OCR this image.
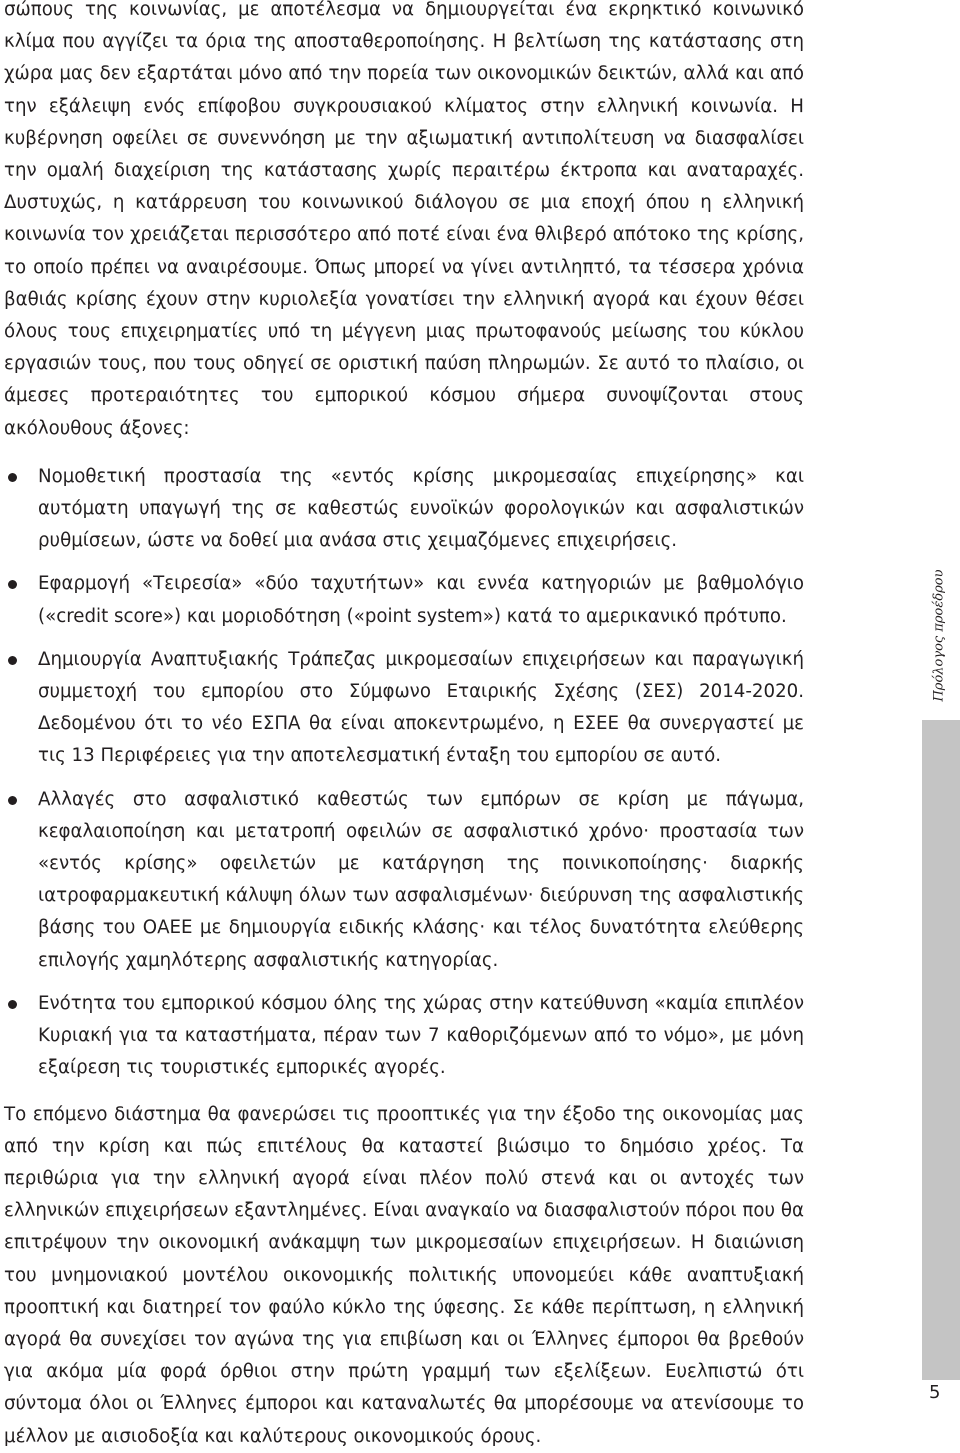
σώπους της κοινωνίας, με αποτέλεσμα να δημιουργείται ένα εκρηκτικό κοινωνικό κλίμα που αγγίζει τα όρια της αποσταθεροποίησης. Η βελτίωση της κατάστασης στη χώρα μας δεν εξαρτάται μόνο από την πορεία των οικονομικών δεικτών, αλλά και από την εξάλειψη ενός επίφοβου συγκρουσιακού κλίματος στην ελληνική κοινωνία. Η κυβέρνηση οφείλει σε συνεννόηση με την αξιωματική αντιπολίτευση να διασφαλίσει την ομαλή διαχείριση της κατάστασης χωρίς περαιτέρω έκτροπα και αναταραχές. Δυστυχώς, η κατάρρευση του κοινωνικού διάλογου σε μια εποχή όπου η ελληνική κοινωνία τον χρειάζεται περισσότερο από ποτέ είναι ένα θλιβερό απότοκο της κρίσης, το οποίο πρέπει να αναιρέσουμε. Όπως μπορεί να γίνει αντιληπτό, τα τέσσερα χρόνια βαθιάς κρίσης έχουν στην κυριολεξία γονατίσει την ελληνική αγορά και έχουν θέσει όλους τους επιχειρηματίες υπό τη μέγγενη μιας πρωτοφανούς μείωσης του κύκλου εργασιών τους, που τους οδηγεί σε οριστική παύση πληρωμών. Σε αυτό το πλαίσιο, οι άμεσες προτεραιότητες του εμπορικού κόσμου σήμερα συνοψίζονται στους ακόλουθους άξονες:

Νομοθετική προστασία της «εντός κρίσης μικρομεσαίας επιχείρησης» και αυτόματη υπαγωγή της σε καθεστώς ευνοϊκών φορολογικών και ασφαλιστικών ρυθμίσεων, ώστε να δοθεί μια ανάσα στις χειμαζόμενες επιχειρήσεις.
Εφαρμογή «Τειρεσία» «δύο ταχυτήτων» και εννέα κατηγοριών με βαθμολόγιο («credit score») και μοριοδότηση («point system») κατά το αμερικανικό πρότυπο.
Δημιουργία Αναπτυξιακής Τράπεζας μικρομεσαίων επιχειρήσεων και παραγωγική συμμετοχή του εμπορίου στο Σύμφωνο Εταιρικής Σχέσης (ΣΕΣ) 2014-2020. Δεδομένου ότι το νέο ΕΣΠΑ θα είναι αποκεντρωμένο, η ΕΣΕΕ θα συνεργαστεί με τις 13 Περιφέρειες για την αποτελεσματική ένταξη του εμπορίου σε αυτό.
Αλλαγές στο ασφαλιστικό καθεστώς των εμπόρων σε κρίση με πάγωμα, κεφαλαιοποίηση και μετατροπή οφειλών σε ασφαλιστικό χρόνο· προστασία των «εντός κρίσης» οφειλετών με κατάργηση της ποινικοποίησης· διαρκής ιατροφαρμακευτική κάλυψη όλων των ασφαλισμένων· διεύρυνση της ασφαλιστικής βάσης του ΟΑΕΕ με δημιουργία ειδικής κλάσης· και τέλος δυνατότητα ελεύθερης επιλογής χαμηλότερης ασφαλιστικής κατηγορίας.
Ενότητα του εμπορικού κόσμου όλης της χώρας στην κατεύθυνση «καμία επιπλέον Κυριακή για τα καταστήματα, πέραν των 7 καθοριζόμενων από το νόμο», με μόνη εξαίρεση τις τουριστικές εμπορικές αγορές.

Το επόμενο διάστημα θα φανερώσει τις προοπτικές για την έξοδο της οικονομίας μας από την κρίση και πώς επιτέλους θα καταστεί βιώσιμο το δημόσιο χρέος. Τα περιθώρια για την ελληνική αγορά είναι πλέον πολύ στενά και οι αντοχές των ελληνικών επιχειρήσεων εξαντλημένες. Είναι αναγκαίο να διασφαλιστούν πόροι που θα επιτρέψουν την οικονομική ανάκαμψη των μικρομεσαίων επιχειρήσεων. Η διαιώνιση του μνημονιακού μοντέλου οικονομικής πολιτικής υπονομεύει κάθε αναπτυξιακή προοπτική και διατηρεί τον φαύλο κύκλο της ύφεσης. Σε κάθε περίπτωση, η ελληνική αγορά θα συνεχίσει τον αγώνα της για επιβίωση και οι Έλληνες έμποροι θα βρεθούν για ακόμα μία φορά όρθιοι στην πρώτη γραμμή των εξελίξεων. Ευελπιστώ ότι σύντομα όλοι οι Έλληνες έμποροι και καταναλωτές θα μπορέσουμε να ατενίσουμε το μέλλον με αισιοδοξία και καλύτερους οικονομικούς όρους.

Πρόλογος προέδρου
5
